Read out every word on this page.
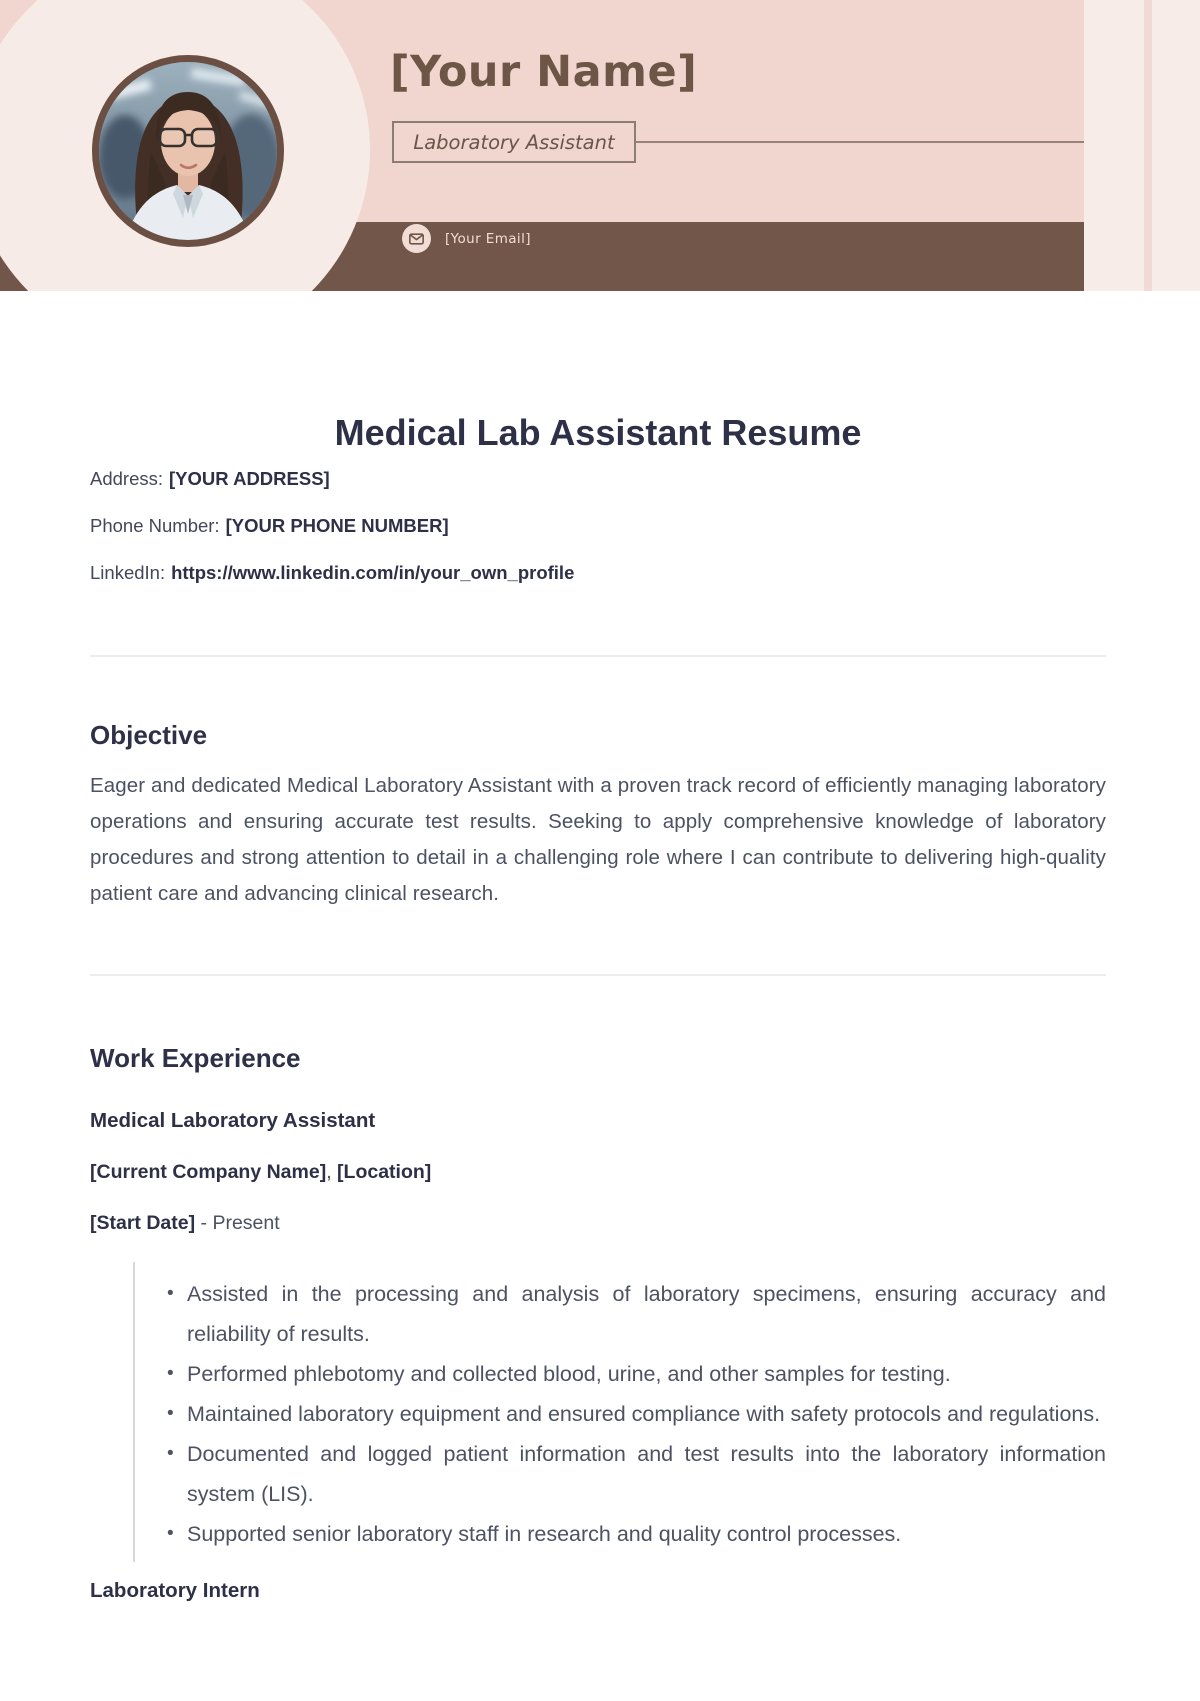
[Your Name]
Laboratory Assistant
[Your Email]
Medical Lab Assistant Resume

Address: [YOUR ADDRESS]

Phone Number: [YOUR PHONE NUMBER]

LinkedIn: https://www.linkedin.com/in/your_own_profile

Objective

Eager and dedicated Medical Laboratory Assistant with a proven track record of efficiently managing laboratory operations and ensuring accurate test results. Seeking to apply comprehensive knowledge of laboratory procedures and strong attention to detail in a challenging role where I can contribute to delivering high-quality patient care and advancing clinical research.

Work Experience
Medical Laboratory Assistant

[Current Company Name], [Location]

[Start Date] - Present

• Assisted in the processing and analysis of laboratory specimens, ensuring accuracy and reliability of results.
• Performed phlebotomy and collected blood, urine, and other samples for testing.
• Maintained laboratory equipment and ensured compliance with safety protocols and regulations.
• Documented and logged patient information and test results into the laboratory information system (LIS).
• Supported senior laboratory staff in research and quality control processes.
Laboratory Intern
